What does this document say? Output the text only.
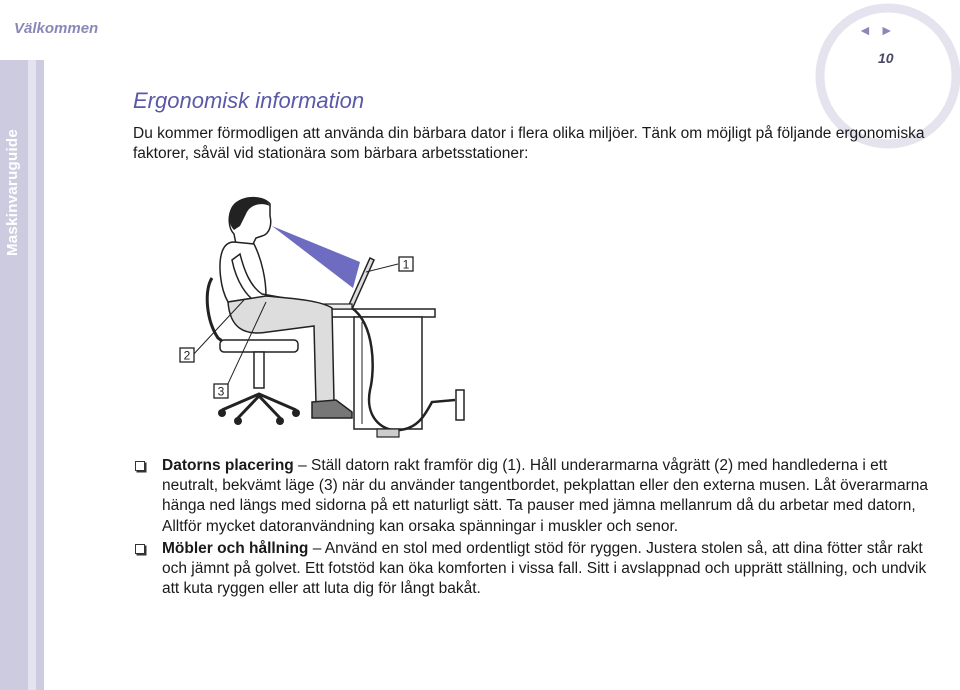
Välkommen
Maskinvaruguide
◄ ►
10
Ergonomisk information
Du kommer förmodligen att använda din bärbara dator i flera olika miljöer. Tänk om möjligt på följande ergonomiska faktorer, såväl vid stationära som bärbara arbetsstationer:
1
2
3
Datorns placering – Ställ datorn rakt framför dig (1). Håll underarmarna vågrätt (2) med handlederna i ett neutralt, bekvämt läge (3) när du använder tangentbordet, pekplattan eller den externa musen. Låt överarmarna hänga ned längs med sidorna på ett naturligt sätt. Ta pauser med jämna mellanrum då du arbetar med datorn, Alltför mycket datoranvändning kan orsaka spänningar i muskler och senor.
Möbler och hållning – Använd en stol med ordentligt stöd för ryggen. Justera stolen så, att dina fötter står rakt och jämnt på golvet. Ett fotstöd kan öka komforten i vissa fall. Sitt i avslappnad och upprätt ställning, och undvik att kuta ryggen eller att luta dig för långt bakåt.
